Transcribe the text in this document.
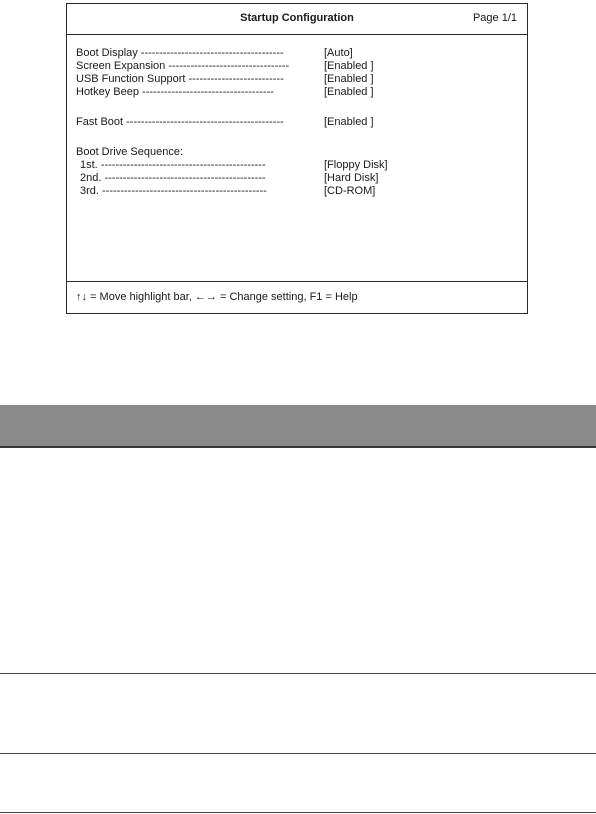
Startup Configuration	Page 1/1
Boot Display ---------------------------------------	[Auto]
Screen Expansion ---------------------------------	[Enabled ]
USB Function Support --------------------------	[Enabled ]
Hotkey Beep ------------------------------------	[Enabled ]
Fast Boot -------------------------------------------	[Enabled ]
Boot Drive Sequence:
1st. ---------------------------------------------	[Floppy Disk]
2nd. --------------------------------------------	[Hard Disk]
3rd. ---------------------------------------------	[CD-ROM]
↑↓ = Move highlight bar, ←→ = Change setting, F1 = Help
